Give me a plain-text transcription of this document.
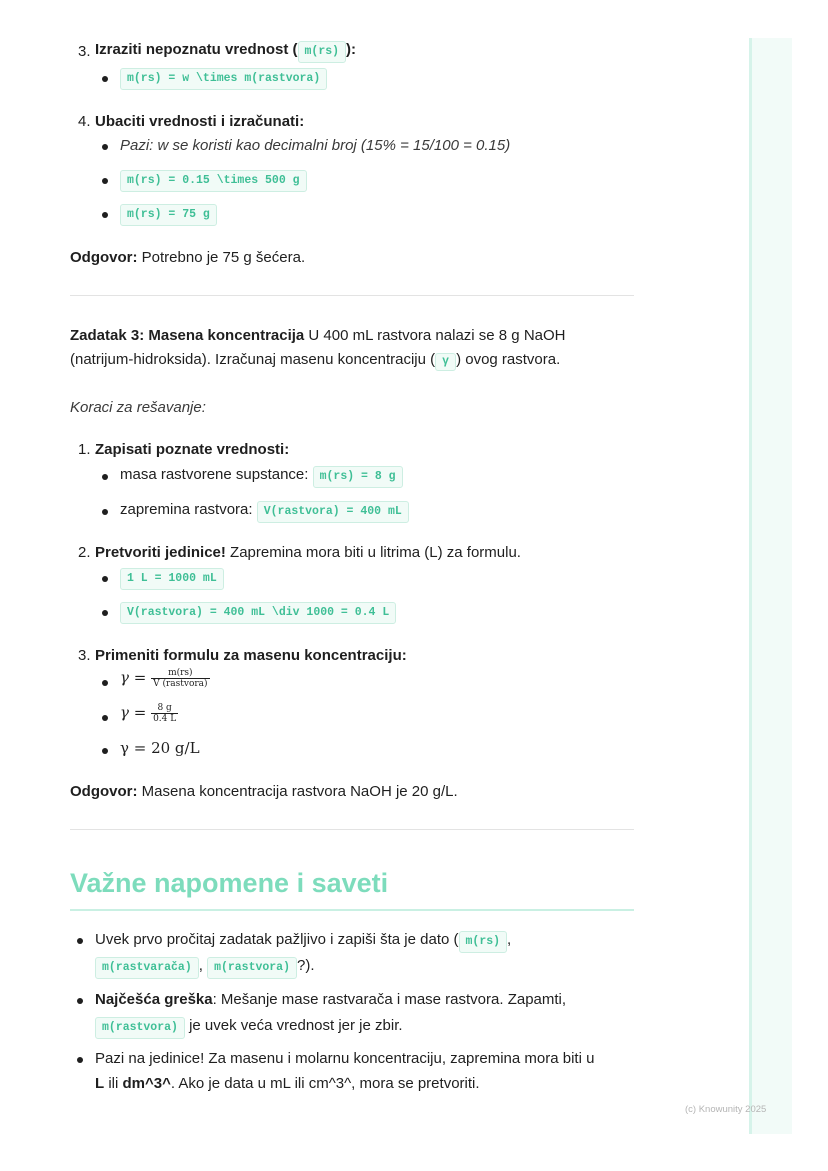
(c) Knowunity 2025
3. Izraziti nepoznatu vrednost ( m(rs) ):
m(rs) = w \times m(rastvora)
4. Ubaciti vrednosti i izračunati:
Pazi: w se koristi kao decimalni broj (15% = 15/100 = 0.15)
m(rs) = 0.15 \times 500 g
m(rs) = 75 g
Odgovor: Potrebno je 75 g šećera.
Zadatak 3: Masena koncentracija U 400 mL rastvora nalazi se 8 g NaOH
(natrijum-hidroksida). Izračunaj masenu koncentraciju ( γ ) ovog rastvora.
Koraci za rešavanje:
1. Zapisati poznate vrednosti:
masa rastvorene supstance: m(rs) = 8 g
zapremina rastvora: V(rastvora) = 400 mL
2. Pretvoriti jedinice! Zapremina mora biti u litrima (L) za formulu.
1 L = 1000 mL
V(rastvora) = 400 mL \div 1000 = 0.4 L
3. Primeniti formulu za masenu koncentraciju:
$\gamma = \frac{m(rs)}{\text{V (rastvora)}}$
$\gamma = \frac{8 g}{0.4 L}$
γ = 20 g/L
Odgovor: Masena koncentracija rastvora NaOH je 20 g/L.
Važne napomene i saveti
Uvek prvo pročitaj zadatak pažljivo i zapiši šta je dato ( m(rs) ,
m(rastvarača) , m(rastvora) ?).
Najčešća greška: Mešanje mase rastvarača i mase rastvora. Zapamti,
m(rastvora) je uvek veća vrednost jer je zbir.
Pazi na jedinice! Za masenu i molarnu koncentraciju, zapremina mora biti u
L ili dm^3^. Ako je data u mL ili cm^3^, mora se pretvoriti.
